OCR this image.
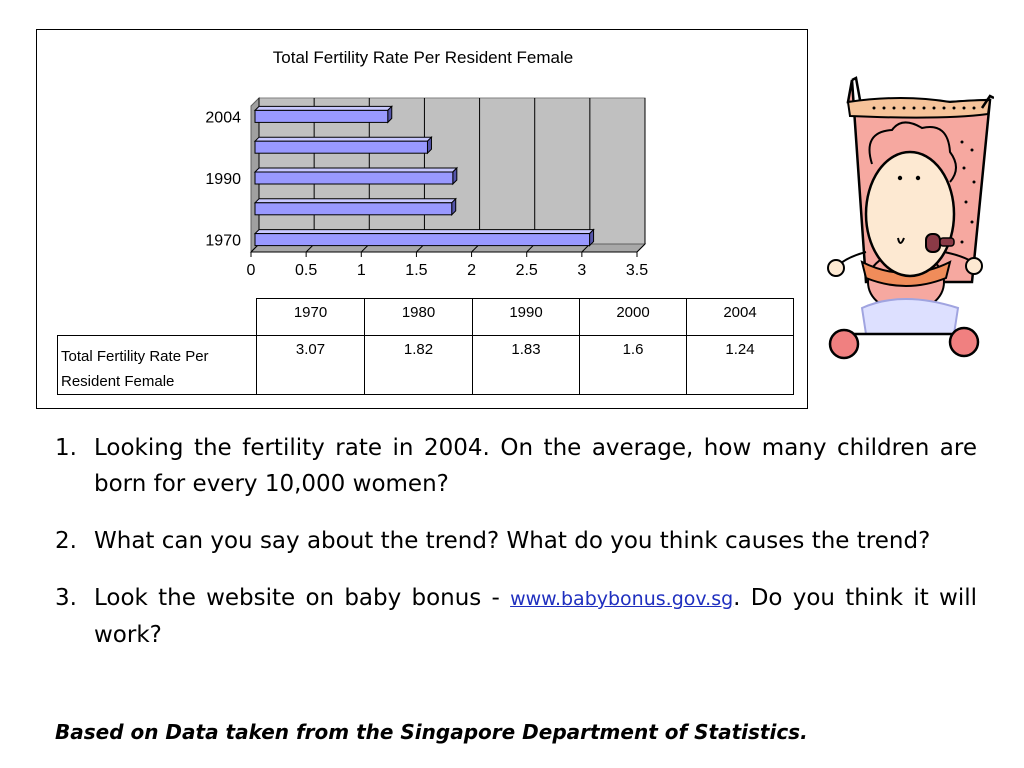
Total Fertility Rate Per Resident Female
0 0.5 1 1.5 2 2.5 3 3.5
1970
1990
2004
	1970	1980	1990	2000	2004
Total Fertility Rate Per Resident Female	3.07	1.82	1.83	1.6	1.24
1. Looking the fertility rate in 2004. On the average, how many children are born for every 10,000 women?
2. What can you say about the trend? What do you think causes the trend?
3. Look the website on baby bonus - www.babybonus.gov.sg. Do you think it will work?
Based on Data taken from the Singapore Department of Statistics.
